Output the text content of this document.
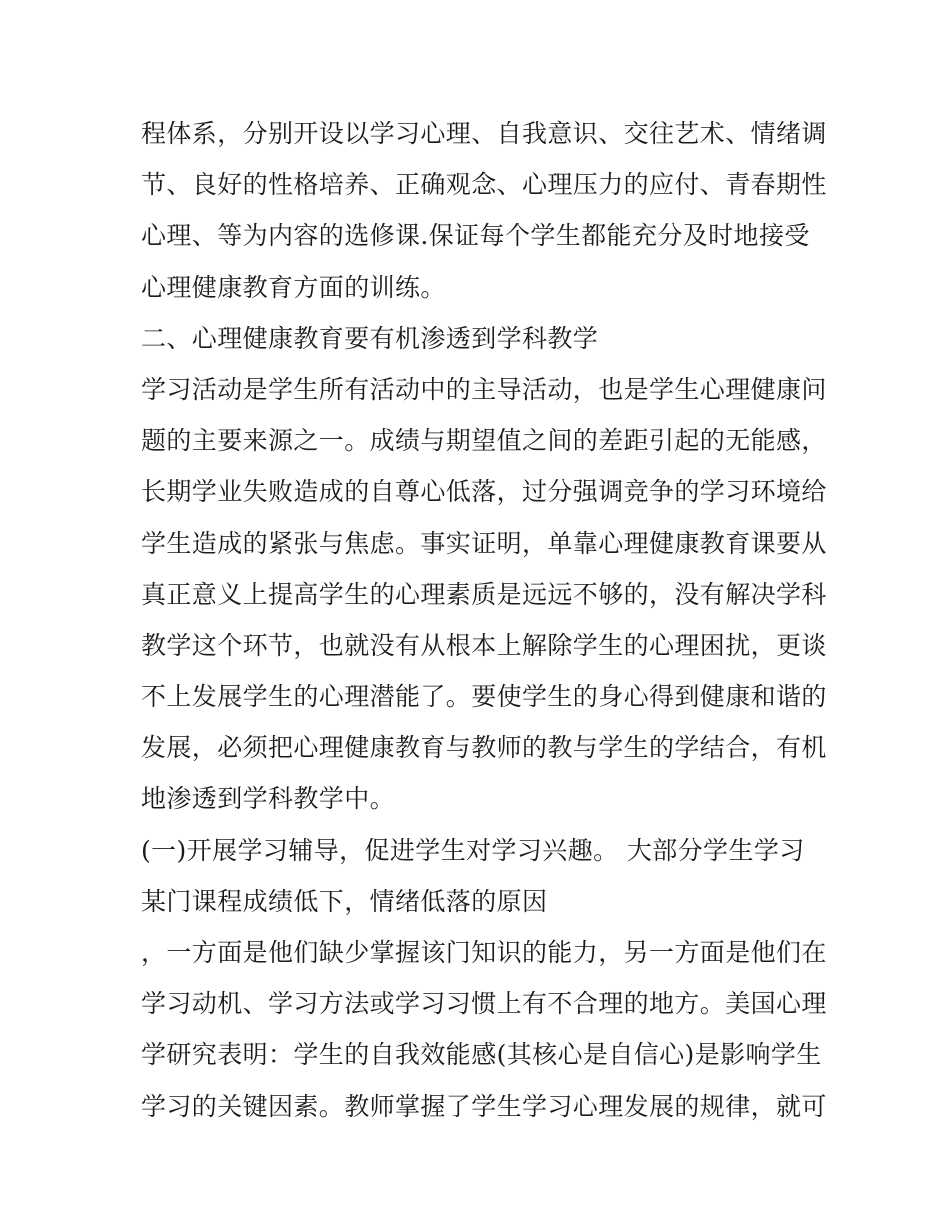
程体系，分别开设以学习心理、自我意识、交往艺术、情绪调
节、良好的性格培养、正确观念、心理压力的应付、青春期性
心理、等为内容的选修课.保证每个学生都能充分及时地接受
心理健康教育方面的训练。
二、心理健康教育要有机渗透到学科教学
学习活动是学生所有活动中的主导活动，也是学生心理健康问
题的主要来源之一。成绩与期望值之间的差距引起的无能感，
长期学业失败造成的自尊心低落，过分强调竞争的学习环境给
学生造成的紧张与焦虑。事实证明，单靠心理健康教育课要从
真正意义上提高学生的心理素质是远远不够的，没有解决学科
教学这个环节，也就没有从根本上解除学生的心理困扰，更谈
不上发展学生的心理潜能了。要使学生的身心得到健康和谐的
发展，必须把心理健康教育与教师的教与学生的学结合，有机
地渗透到学科教学中。
(一)开展学习辅导，促进学生对学习兴趣。 大部分学生学习
某门课程成绩低下，情绪低落的原因
，一方面是他们缺少掌握该门知识的能力，另一方面是他们在
学习动机、学习方法或学习习惯上有不合理的地方。美国心理
学研究表明：学生的自我效能感(其核心是自信心)是影响学生
学习的关键因素。教师掌握了学生学习心理发展的规律，就可
